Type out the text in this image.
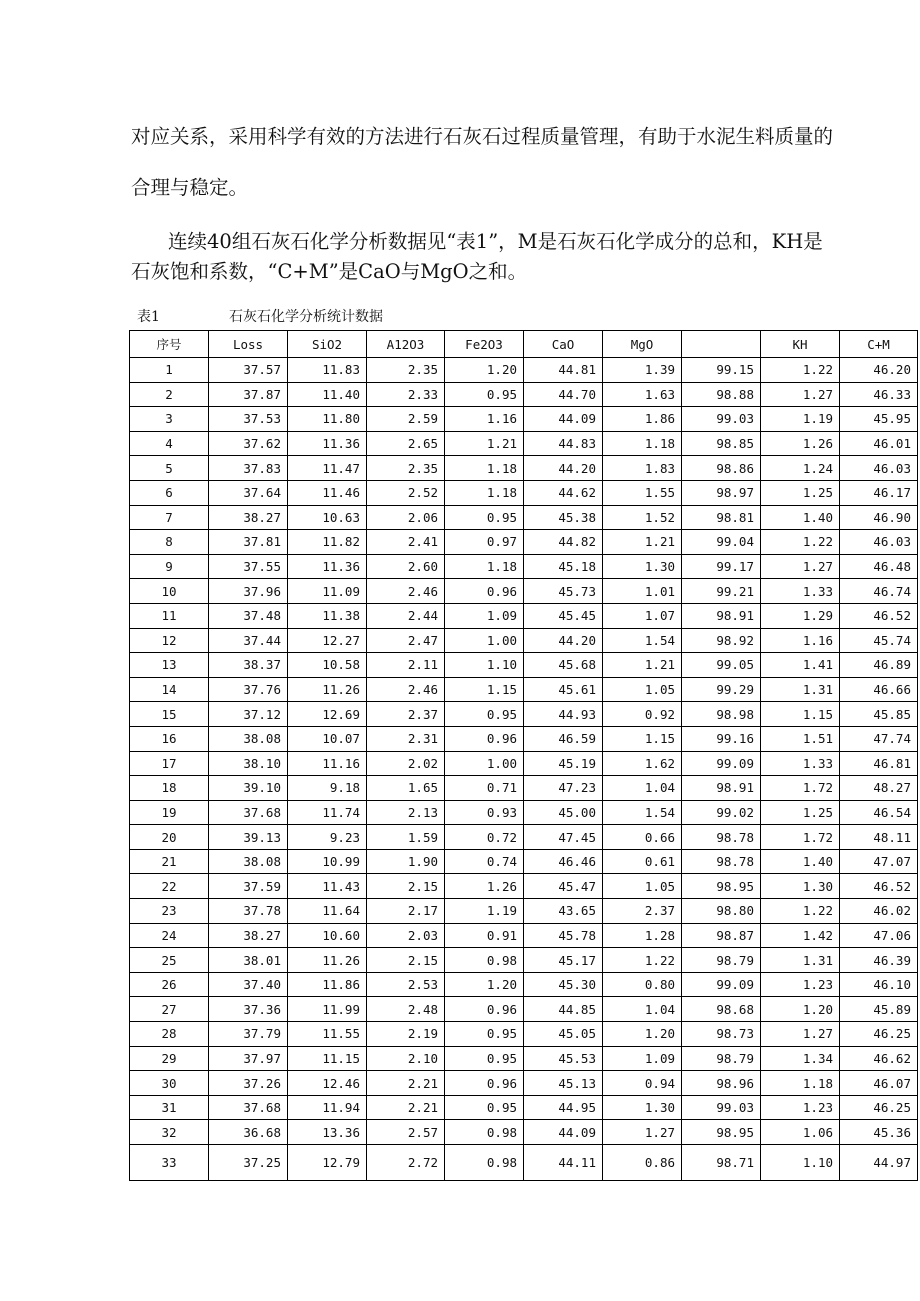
对应关系，采用科学有效的方法进行石灰石过程质量管理，有助于水泥生料质量的

合理与稳定。

连续40组石灰石化学分析数据见“表1”，M是石灰石化学成分的总和，KH是

石灰饱和系数，“C+M”是CaO与MgO之和。

表1	石灰石化学分析统计数据
序号	Loss	SiO2	A12O3	Fe2O3	CaO	MgO		KH	C+M
1	37.57	11.83	2.35	1.20	44.81	1.39	99.15	1.22	46.20
2	37.87	11.40	2.33	0.95	44.70	1.63	98.88	1.27	46.33
3	37.53	11.80	2.59	1.16	44.09	1.86	99.03	1.19	45.95
4	37.62	11.36	2.65	1.21	44.83	1.18	98.85	1.26	46.01
5	37.83	11.47	2.35	1.18	44.20	1.83	98.86	1.24	46.03
6	37.64	11.46	2.52	1.18	44.62	1.55	98.97	1.25	46.17
7	38.27	10.63	2.06	0.95	45.38	1.52	98.81	1.40	46.90
8	37.81	11.82	2.41	0.97	44.82	1.21	99.04	1.22	46.03
9	37.55	11.36	2.60	1.18	45.18	1.30	99.17	1.27	46.48
10	37.96	11.09	2.46	0.96	45.73	1.01	99.21	1.33	46.74
11	37.48	11.38	2.44	1.09	45.45	1.07	98.91	1.29	46.52
12	37.44	12.27	2.47	1.00	44.20	1.54	98.92	1.16	45.74
13	38.37	10.58	2.11	1.10	45.68	1.21	99.05	1.41	46.89
14	37.76	11.26	2.46	1.15	45.61	1.05	99.29	1.31	46.66
15	37.12	12.69	2.37	0.95	44.93	0.92	98.98	1.15	45.85
16	38.08	10.07	2.31	0.96	46.59	1.15	99.16	1.51	47.74
17	38.10	11.16	2.02	1.00	45.19	1.62	99.09	1.33	46.81
18	39.10	9.18	1.65	0.71	47.23	1.04	98.91	1.72	48.27
19	37.68	11.74	2.13	0.93	45.00	1.54	99.02	1.25	46.54
20	39.13	9.23	1.59	0.72	47.45	0.66	98.78	1.72	48.11
21	38.08	10.99	1.90	0.74	46.46	0.61	98.78	1.40	47.07
22	37.59	11.43	2.15	1.26	45.47	1.05	98.95	1.30	46.52
23	37.78	11.64	2.17	1.19	43.65	2.37	98.80	1.22	46.02
24	38.27	10.60	2.03	0.91	45.78	1.28	98.87	1.42	47.06
25	38.01	11.26	2.15	0.98	45.17	1.22	98.79	1.31	46.39
26	37.40	11.86	2.53	1.20	45.30	0.80	99.09	1.23	46.10
27	37.36	11.99	2.48	0.96	44.85	1.04	98.68	1.20	45.89
28	37.79	11.55	2.19	0.95	45.05	1.20	98.73	1.27	46.25
29	37.97	11.15	2.10	0.95	45.53	1.09	98.79	1.34	46.62
30	37.26	12.46	2.21	0.96	45.13	0.94	98.96	1.18	46.07
31	37.68	11.94	2.21	0.95	44.95	1.30	99.03	1.23	46.25
32	36.68	13.36	2.57	0.98	44.09	1.27	98.95	1.06	45.36
33	37.25	12.79	2.72	0.98	44.11	0.86	98.71	1.10	44.97
